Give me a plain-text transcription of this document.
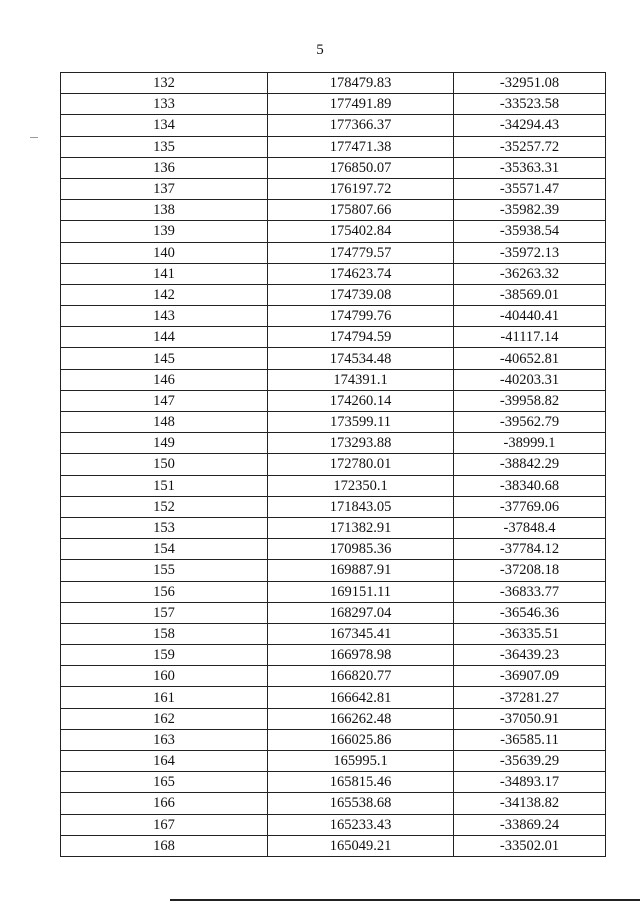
5
132	178479.83	-32951.08
133	177491.89	-33523.58
134	177366.37	-34294.43
135	177471.38	-35257.72
136	176850.07	-35363.31
137	176197.72	-35571.47
138	175807.66	-35982.39
139	175402.84	-35938.54
140	174779.57	-35972.13
141	174623.74	-36263.32
142	174739.08	-38569.01
143	174799.76	-40440.41
144	174794.59	-41117.14
145	174534.48	-40652.81
146	174391.1	-40203.31
147	174260.14	-39958.82
148	173599.11	-39562.79
149	173293.88	-38999.1
150	172780.01	-38842.29
151	172350.1	-38340.68
152	171843.05	-37769.06
153	171382.91	-37848.4
154	170985.36	-37784.12
155	169887.91	-37208.18
156	169151.11	-36833.77
157	168297.04	-36546.36
158	167345.41	-36335.51
159	166978.98	-36439.23
160	166820.77	-36907.09
161	166642.81	-37281.27
162	166262.48	-37050.91
163	166025.86	-36585.11
164	165995.1	-35639.29
165	165815.46	-34893.17
166	165538.68	-34138.82
167	165233.43	-33869.24
168	165049.21	-33502.01
